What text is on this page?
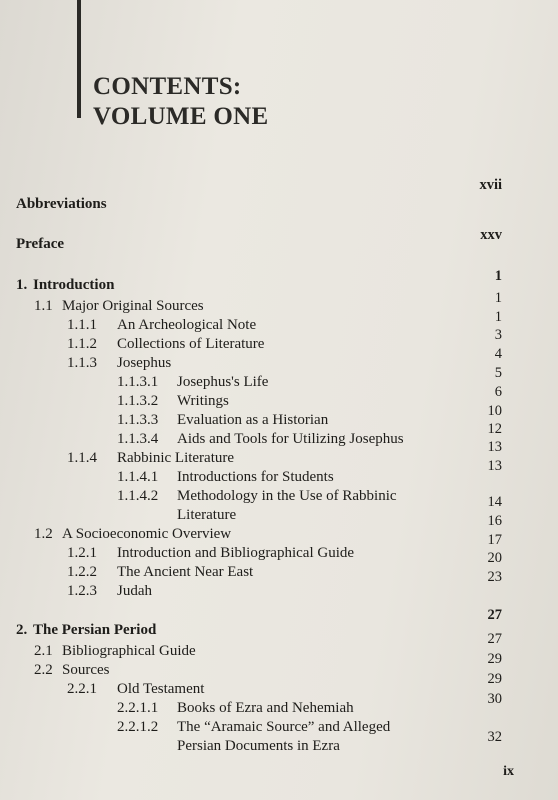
CONTENTS:
VOLUME ONE
Abbreviations
Preface
1. Introduction
1.1 Major Original Sources
1.1.1 An Archeological Note
1.1.2 Collections of Literature
1.1.3 Josephus
1.1.3.1 Josephus's Life
1.1.3.2 Writings
1.1.3.3 Evaluation as a Historian
1.1.3.4 Aids and Tools for Utilizing Josephus
1.1.4 Rabbinic Literature
1.1.4.1 Introductions for Students
1.1.4.2 Methodology in the Use of Rabbinic
Literature
1.2 A Socioeconomic Overview
1.2.1 Introduction and Bibliographical Guide
1.2.2 The Ancient Near East
1.2.3 Judah
2. The Persian Period
2.1 Bibliographical Guide
2.2 Sources
2.2.1 Old Testament
2.2.1.1 Books of Ezra and Nehemiah
2.2.1.2 The “Aramaic Source” and Alleged
Persian Documents in Ezra
xvii
xxv
1
1
1
3
4
5
6
10
12
13
13
14
16
17
20
23
27
27
29
29
30
32
ix
